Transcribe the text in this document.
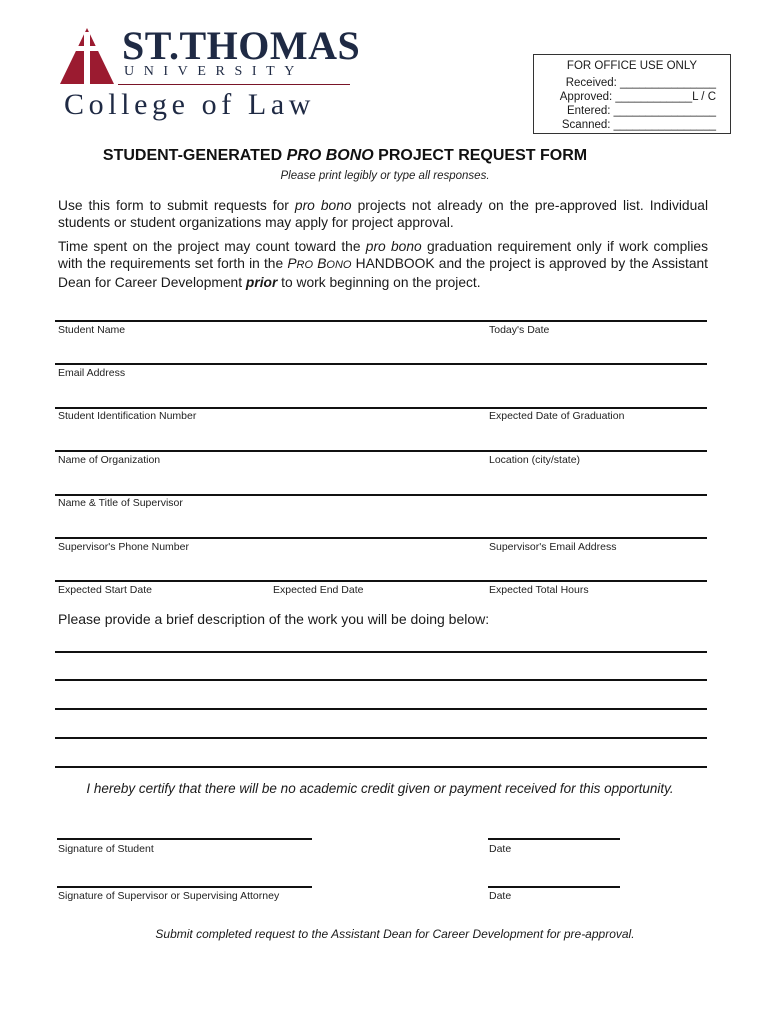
ST.THOMAS
UNIVERSITY
College of Law
FOR OFFICE USE ONLY
Received: _______________
Approved: ____________L / C
Entered: ________________
Scanned: ________________
STUDENT-GENERATED PRO BONO PROJECT REQUEST FORM
Please print legibly or type all responses.
Use this form to submit requests for pro bono projects not already on the pre-approved list. Individual students or student organizations may apply for project approval.
Time spent on the project may count toward the pro bono graduation requirement only if work complies with the requirements set forth in the PRO BONO HANDBOOK and the project is approved by the Assistant Dean for Career Development prior to work beginning on the project.
Student Name	Today's Date
Email Address
Student Identification Number	Expected Date of Graduation
Name of Organization	Location (city/state)
Name & Title of Supervisor
Supervisor's Phone Number	Supervisor's Email Address
Expected Start Date	Expected End Date	Expected Total Hours
Please provide a brief description of the work you will be doing below:
I hereby certify that there will be no academic credit given or payment received for this opportunity.
Signature of Student	Date
Signature of Supervisor or Supervising Attorney	Date
Submit completed request to the Assistant Dean for Career Development for pre-approval.
